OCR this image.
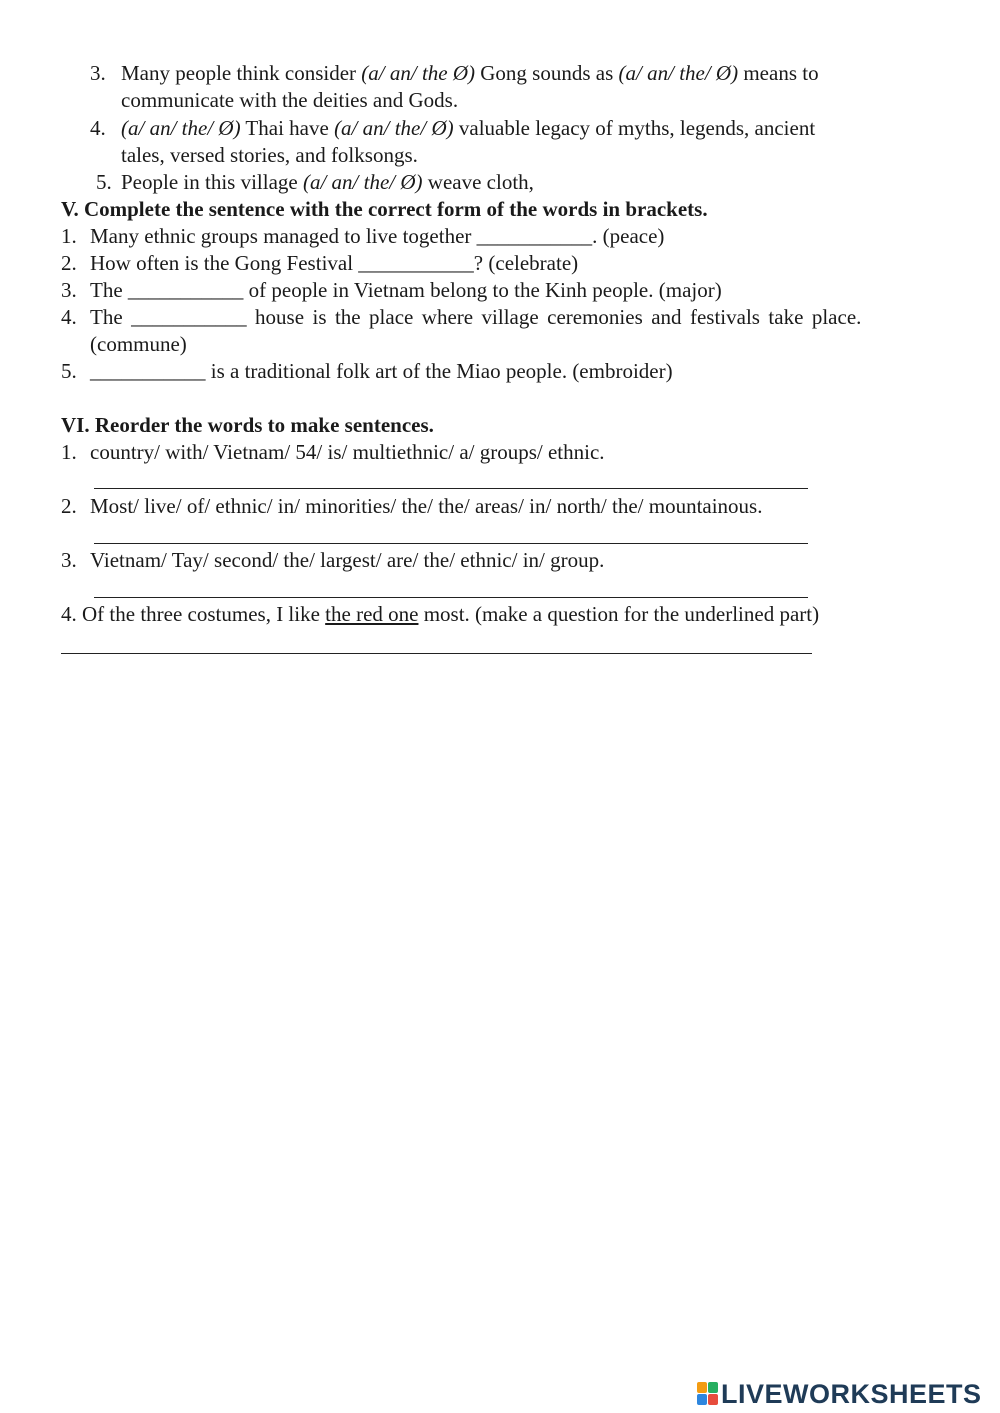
3. Many people think consider (a/ an/ the Ø) Gong sounds as (a/ an/ the/ Ø) means to
communicate with the deities and Gods.
4. (a/ an/ the/ Ø) Thai have (a/ an/ the/ Ø) valuable legacy of myths, legends, ancient
tales, versed stories, and folksongs.
5. People in this village (a/ an/ the/ Ø) weave cloth,
V. Complete the sentence with the correct form of the words in brackets.
1. Many ethnic groups managed to live together ___________. (peace)
2. How often is the Gong Festival ___________? (celebrate)
3. The ___________ of people in Vietnam belong to the Kinh people. (major)
4. The ___________ house is the place where village ceremonies and festivals take place.
(commune)
5. ___________ is a traditional folk art of the Miao people. (embroider)
VI. Reorder the words to make sentences.
1. country/ with/ Vietnam/ 54/ is/ multiethnic/ a/ groups/ ethnic.
2. Most/ live/ of/ ethnic/ in/ minorities/ the/ the/ areas/ in/ north/ the/ mountainous.
3. Vietnam/ Tay/ second/ the/ largest/ are/ the/ ethnic/ in/ group.
4. Of the three costumes, I like the red one most. (make a question for the underlined part)
LIVEWORKSHEETS
